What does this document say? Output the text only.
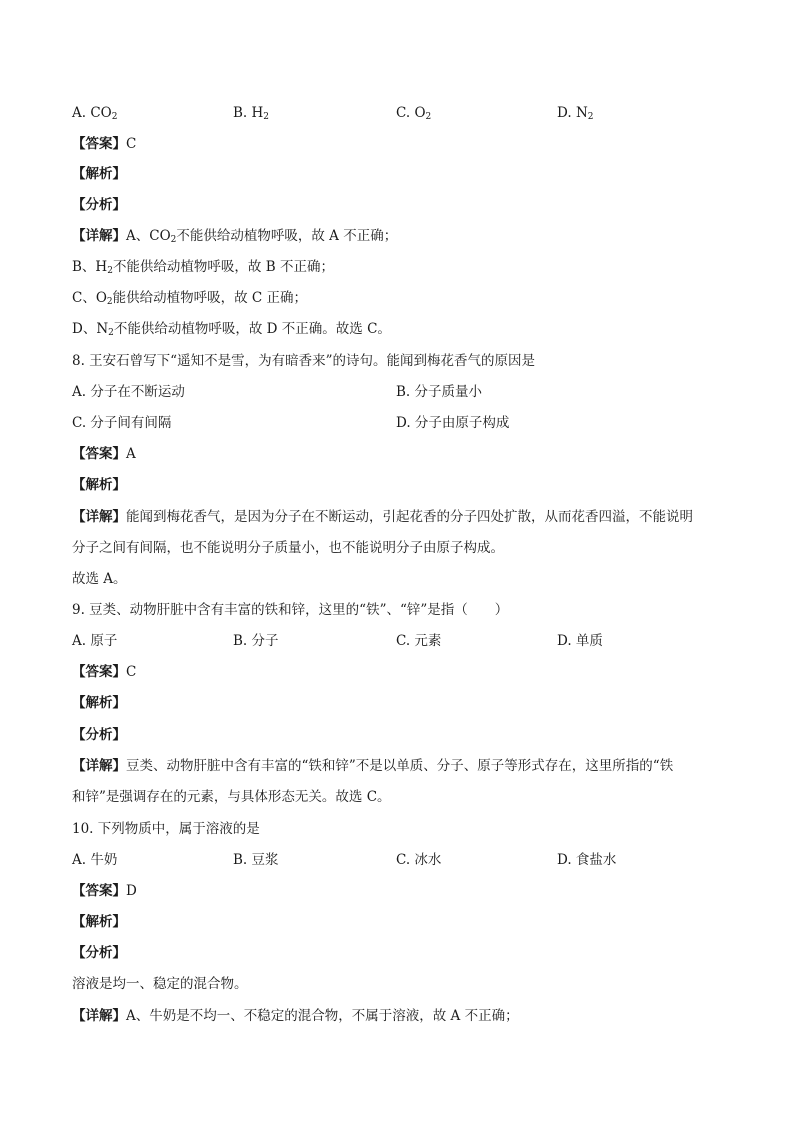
A. $CO_2$	B. $H_2$	C. $O_2$	D. $N_2$
【答案】C
【解析】
【分析】
【详解】A、$CO_2$不能供给动植物呼吸，故 A 不正确；
B、$H_2$不能供给动植物呼吸，故 B 不正确；
C、$O_2$能供给动植物呼吸，故 C 正确；
D、$N_2$不能供给动植物呼吸，故 D 不正确。故选 C。
8. 王安石曾写下“遥知不是雪，为有暗香来”的诗句。能闻到梅花香气的原因是
A. 分子在不断运动	B. 分子质量小
C. 分子间有间隔	D. 分子由原子构成
【答案】A
【解析】
【详解】能闻到梅花香气，是因为分子在不断运动，引起花香的分子四处扩散，从而花香四溢，不能说明
分子之间有间隔，也不能说明分子质量小，也不能说明分子由原子构成。
故选 A。
9. 豆类、动物肝脏中含有丰富的铁和锌，这里的“铁”、“锌”是指（　　）
A. 原子	B. 分子	C. 元素	D. 单质
【答案】C
【解析】
【分析】
【详解】豆类、动物肝脏中含有丰富的“铁和锌”不是以单质、分子、原子等形式存在，这里所指的“铁
和锌”是强调存在的元素，与具体形态无关。故选 C。
10. 下列物质中，属于溶液的是
A. 牛奶	B. 豆浆	C. 冰水	D. 食盐水
【答案】D
【解析】
【分析】
溶液是均一、稳定的混合物。
【详解】A、牛奶是不均一、不稳定的混合物，不属于溶液，故 A 不正确；
